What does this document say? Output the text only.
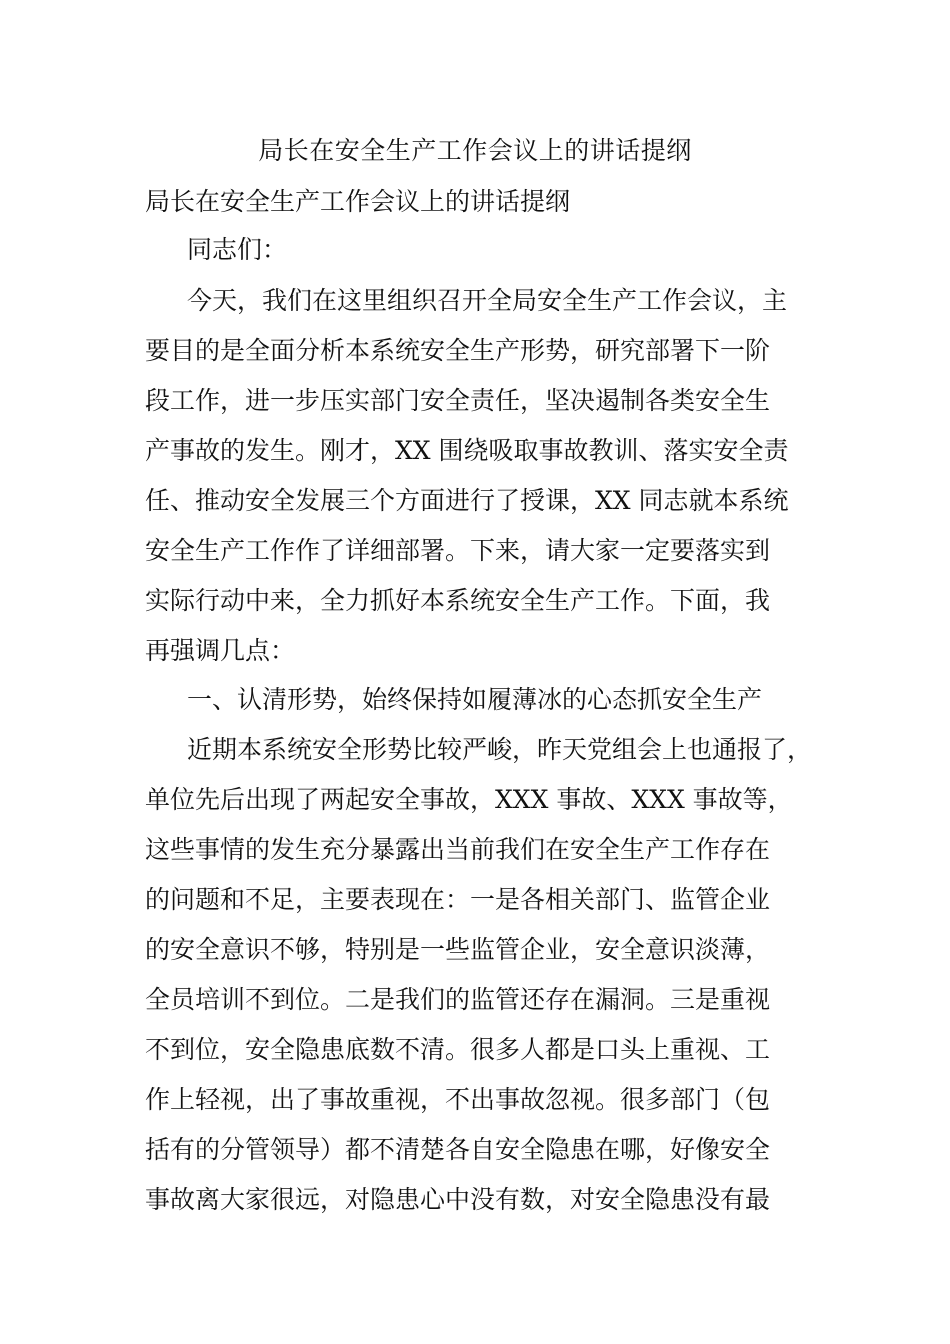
局长在安全生产工作会议上的讲话提纲
局长在安全生产工作会议上的讲话提纲
同志们：
今天，我们在这里组织召开全局安全生产工作会议，主
要目的是全面分析本系统安全生产形势，研究部署下一阶
段工作，进一步压实部门安全责任，坚决遏制各类安全生
产事故的发生。刚才，XX 围绕吸取事故教训、落实安全责
任、推动安全发展三个方面进行了授课，XX 同志就本系统
安全生产工作作了详细部署。下来，请大家一定要落实到
实际行动中来，全力抓好本系统安全生产工作。下面，我
再强调几点：
一、认清形势，始终保持如履薄冰的心态抓安全生产
近期本系统安全形势比较严峻，昨天党组会上也通报了，
单位先后出现了两起安全事故，XXX 事故、XXX 事故等，
这些事情的发生充分暴露出当前我们在安全生产工作存在
的问题和不足，主要表现在：一是各相关部门、监管企业
的安全意识不够，特别是一些监管企业，安全意识淡薄，
全员培训不到位。二是我们的监管还存在漏洞。三是重视
不到位，安全隐患底数不清。很多人都是口头上重视、工
作上轻视，出了事故重视，不出事故忽视。很多部门（包
括有的分管领导）都不清楚各自安全隐患在哪，好像安全
事故离大家很远，对隐患心中没有数，对安全隐患没有最
